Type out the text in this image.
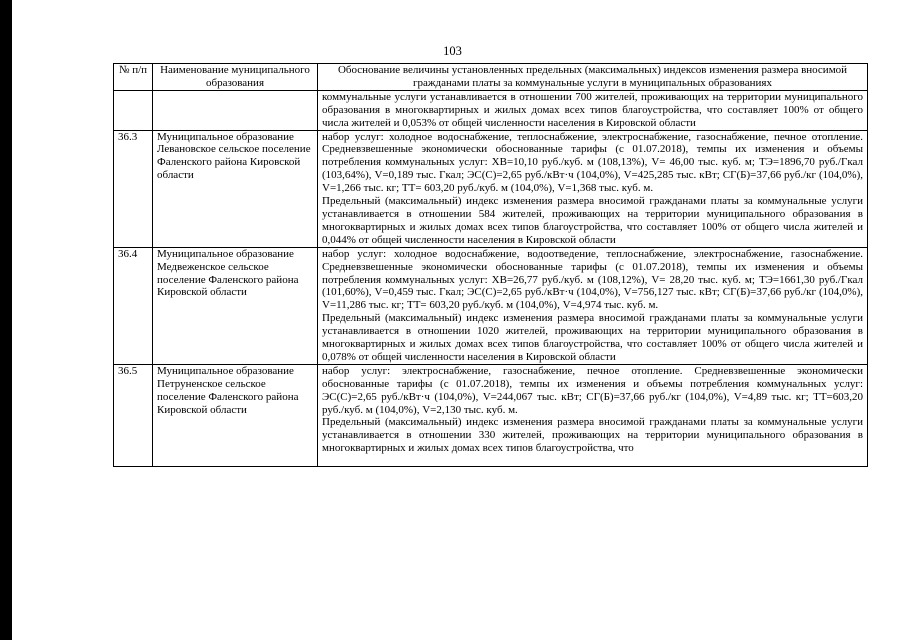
103
№ п/п	Наименование муниципального образования	Обоснование величины установленных предельных (максимальных) индексов изменения размера вносимой гражданами платы за коммунальные услуги в муниципальных образованиях

		коммунальные услуги устанавливается в отношении 700 жителей, проживающих на территории муниципального образования в многоквартирных и жилых домах всех типов благоустройства, что составляет 100% от общего числа жителей и 0,053% от общей численности населения в Кировской области

36.3	Муниципальное образование Левановское сельское поселение Фаленского района Кировской области	набор услуг: холодное водоснабжение, теплоснабжение, электроснабжение, газоснабжение, печное отопление. Средневзвешенные экономически обоснованные тарифы (с 01.07.2018), темпы их изменения и объемы потребления коммунальных услуг: ХВ=10,10 руб./куб. м (108,13%), V= 46,00 тыс. куб. м; ТЭ=1896,70 руб./Гкал (103,64%), V=0,189 тыс. Гкал; ЭС(С)=2,65 руб./кВт·ч (104,0%), V=425,285 тыс. кВт; СГ(Б)=37,66 руб./кг (104,0%), V=1,266 тыс. кг; ТТ= 603,20 руб./куб. м (104,0%), V=1,368 тыс. куб. м.
Предельный (максимальный) индекс изменения размера вносимой гражданами платы за коммунальные услуги устанавливается в отношении 584 жителей, проживающих на территории муниципального образования в многоквартирных и жилых домах всех типов благоустройства, что составляет 100% от общего числа жителей и 0,044% от общей численности населения в Кировской области

36.4	Муниципальное образование Медвеженское сельское поселение Фаленского района Кировской области	набор услуг: холодное водоснабжение, водоотведение, теплоснабжение, электроснабжение, газоснабжение. Средневзвешенные экономически обоснованные тарифы (с 01.07.2018), темпы их изменения и объемы потребления коммунальных услуг: ХВ=26,77 руб./куб. м (108,12%), V= 28,20 тыс. куб. м; ТЭ=1661,30 руб./Гкал (101,60%), V=0,459 тыс. Гкал; ЭС(С)=2,65 руб./кВт·ч (104,0%), V=756,127 тыс. кВт; СГ(Б)=37,66 руб./кг (104,0%), V=11,286 тыс. кг; ТТ= 603,20 руб./куб. м (104,0%), V=4,974 тыс. куб. м.
Предельный (максимальный) индекс изменения размера вносимой гражданами платы за коммунальные услуги устанавливается в отношении 1020 жителей, проживающих на территории муниципального образования в многоквартирных и жилых домах всех типов благоустройства, что составляет 100% от общего числа жителей и 0,078% от общей численности населения в Кировской области

36.5	Муниципальное образование Петруненское сельское поселение Фаленского района Кировской области	набор услуг: электроснабжение, газоснабжение, печное отопление. Средневзвешенные экономически обоснованные тарифы (с 01.07.2018), темпы их изменения и объемы потребления коммунальных услуг: ЭС(С)=2,65 руб./кВт·ч (104,0%), V=244,067 тыс. кВт; СГ(Б)=37,66 руб./кг (104,0%), V=4,89 тыс. кг; ТТ=603,20 руб./куб. м (104,0%), V=2,130 тыс. куб. м.
Предельный (максимальный) индекс изменения размера вносимой гражданами платы за коммунальные услуги устанавливается в отношении 330 жителей, проживающих на территории муниципального образования в многоквартирных и жилых домах всех типов благоустройства, что
